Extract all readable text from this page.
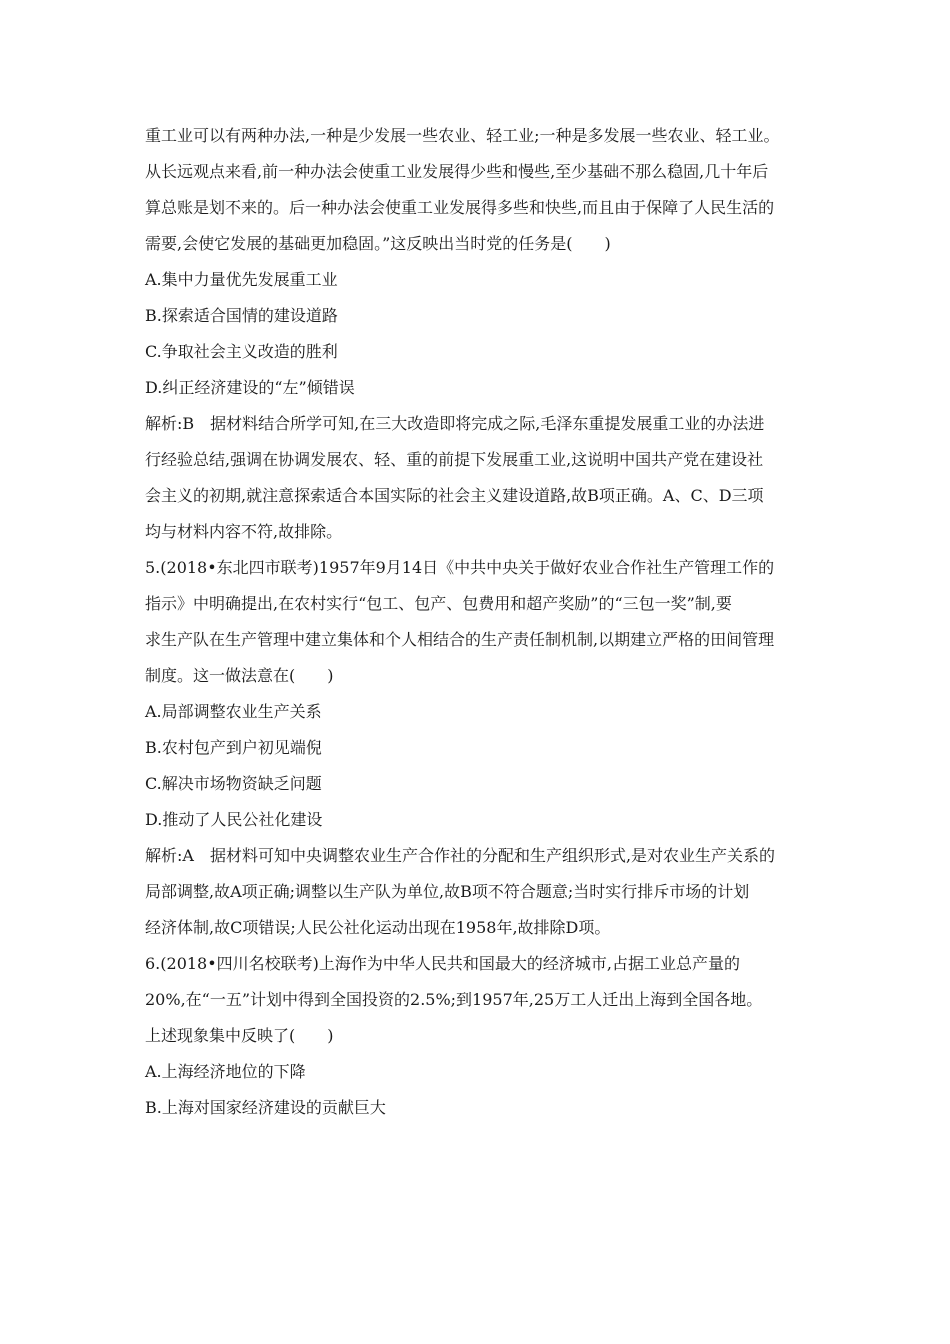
重工业可以有两种办法,一种是少发展一些农业、轻工业;一种是多发展一些农业、轻工业。

从长远观点来看,前一种办法会使重工业发展得少些和慢些,至少基础不那么稳固,几十年后

算总账是划不来的。后一种办法会使重工业发展得多些和快些,而且由于保障了人民生活的

需要,会使它发展的基础更加稳固。”这反映出当时党的任务是(　　)

A.集中力量优先发展重工业

B.探索适合国情的建设道路

C.争取社会主义改造的胜利

D.纠正经济建设的“左”倾错误

解析:B　据材料结合所学可知,在三大改造即将完成之际,毛泽东重提发展重工业的办法进

行经验总结,强调在协调发展农、轻、重的前提下发展重工业,这说明中国共产党在建设社

会主义的初期,就注意探索适合本国实际的社会主义建设道路,故B项正确。A、C、D三项

均与材料内容不符,故排除。

5.(2018•东北四市联考)1957年9月14日《中共中央关于做好农业合作社生产管理工作的

指示》中明确提出,在农村实行“包工、包产、包费用和超产奖励”的“三包一奖”制,要

求生产队在生产管理中建立集体和个人相结合的生产责任制机制,以期建立严格的田间管理

制度。这一做法意在(　　)

A.局部调整农业生产关系

B.农村包产到户初见端倪

C.解决市场物资缺乏问题

D.推动了人民公社化建设

解析:A　据材料可知中央调整农业生产合作社的分配和生产组织形式,是对农业生产关系的

局部调整,故A项正确;调整以生产队为单位,故B项不符合题意;当时实行排斥市场的计划

经济体制,故C项错误;人民公社化运动出现在1958年,故排除D项。

6.(2018•四川名校联考)上海作为中华人民共和国最大的经济城市,占据工业总产量的

20%,在“一五”计划中得到全国投资的2.5%;到1957年,25万工人迁出上海到全国各地。

上述现象集中反映了(　　)

A.上海经济地位的下降

B.上海对国家经济建设的贡献巨大
